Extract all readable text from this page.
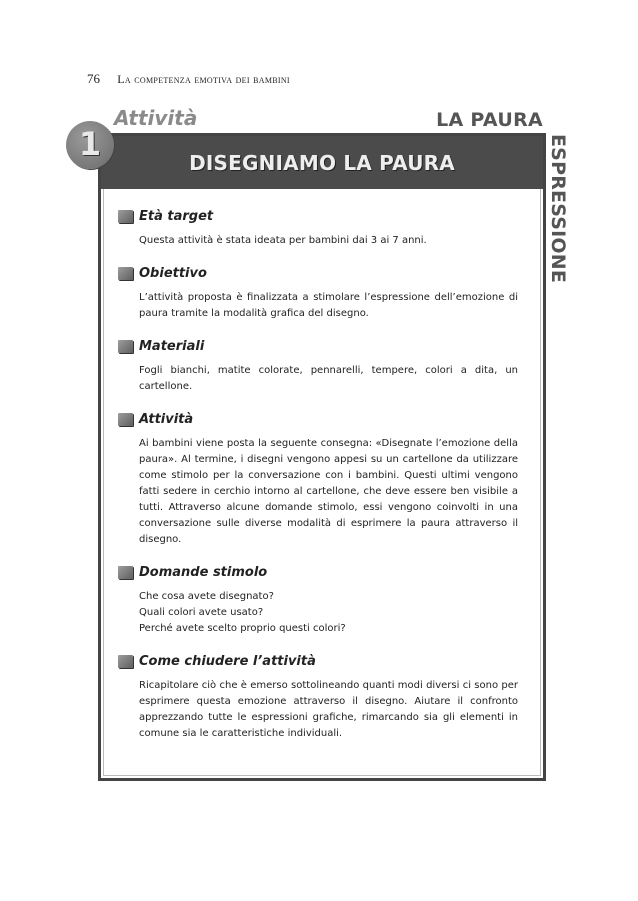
76 La competenza emotiva dei bambini
Attività	LA PAURA
ESPRESSIONE
DISEGNIAMO LA PAURA
Età target

Questa attività è stata ideata per bambini dai 3 ai 7 anni.

Obiettivo

L’attività proposta è finalizzata a stimolare l’espressione dell’emozione di paura tramite la modalità grafica del disegno.

Materiali

Fogli bianchi, matite colorate, pennarelli, tempere, colori a dita, un cartellone.

Attività

Ai bambini viene posta la seguente consegna: «Disegnate l’emozione della paura». Al termine, i disegni vengono appesi su un cartellone da utilizzare come stimolo per la conversazione con i bambini. Questi ultimi vengono fatti sedere in cerchio intorno al cartellone, che deve essere ben visibile a tutti. Attraverso alcune domande stimolo, essi vengono coinvolti in una conversazione sulle diverse modalità di esprimere la paura attraverso il disegno.

Domande stimolo

Che cosa avete disegnato?

Quali colori avete usato?

Perché avete scelto proprio questi colori?

Come chiudere l’attività

Ricapitolare ciò che è emerso sottolineando quanti modi diversi ci sono per esprimere questa emozione attraverso il disegno. Aiutare il confronto apprezzando tutte le espressioni grafiche, rimarcando sia gli elementi in comune sia le caratteristiche individuali.

1
